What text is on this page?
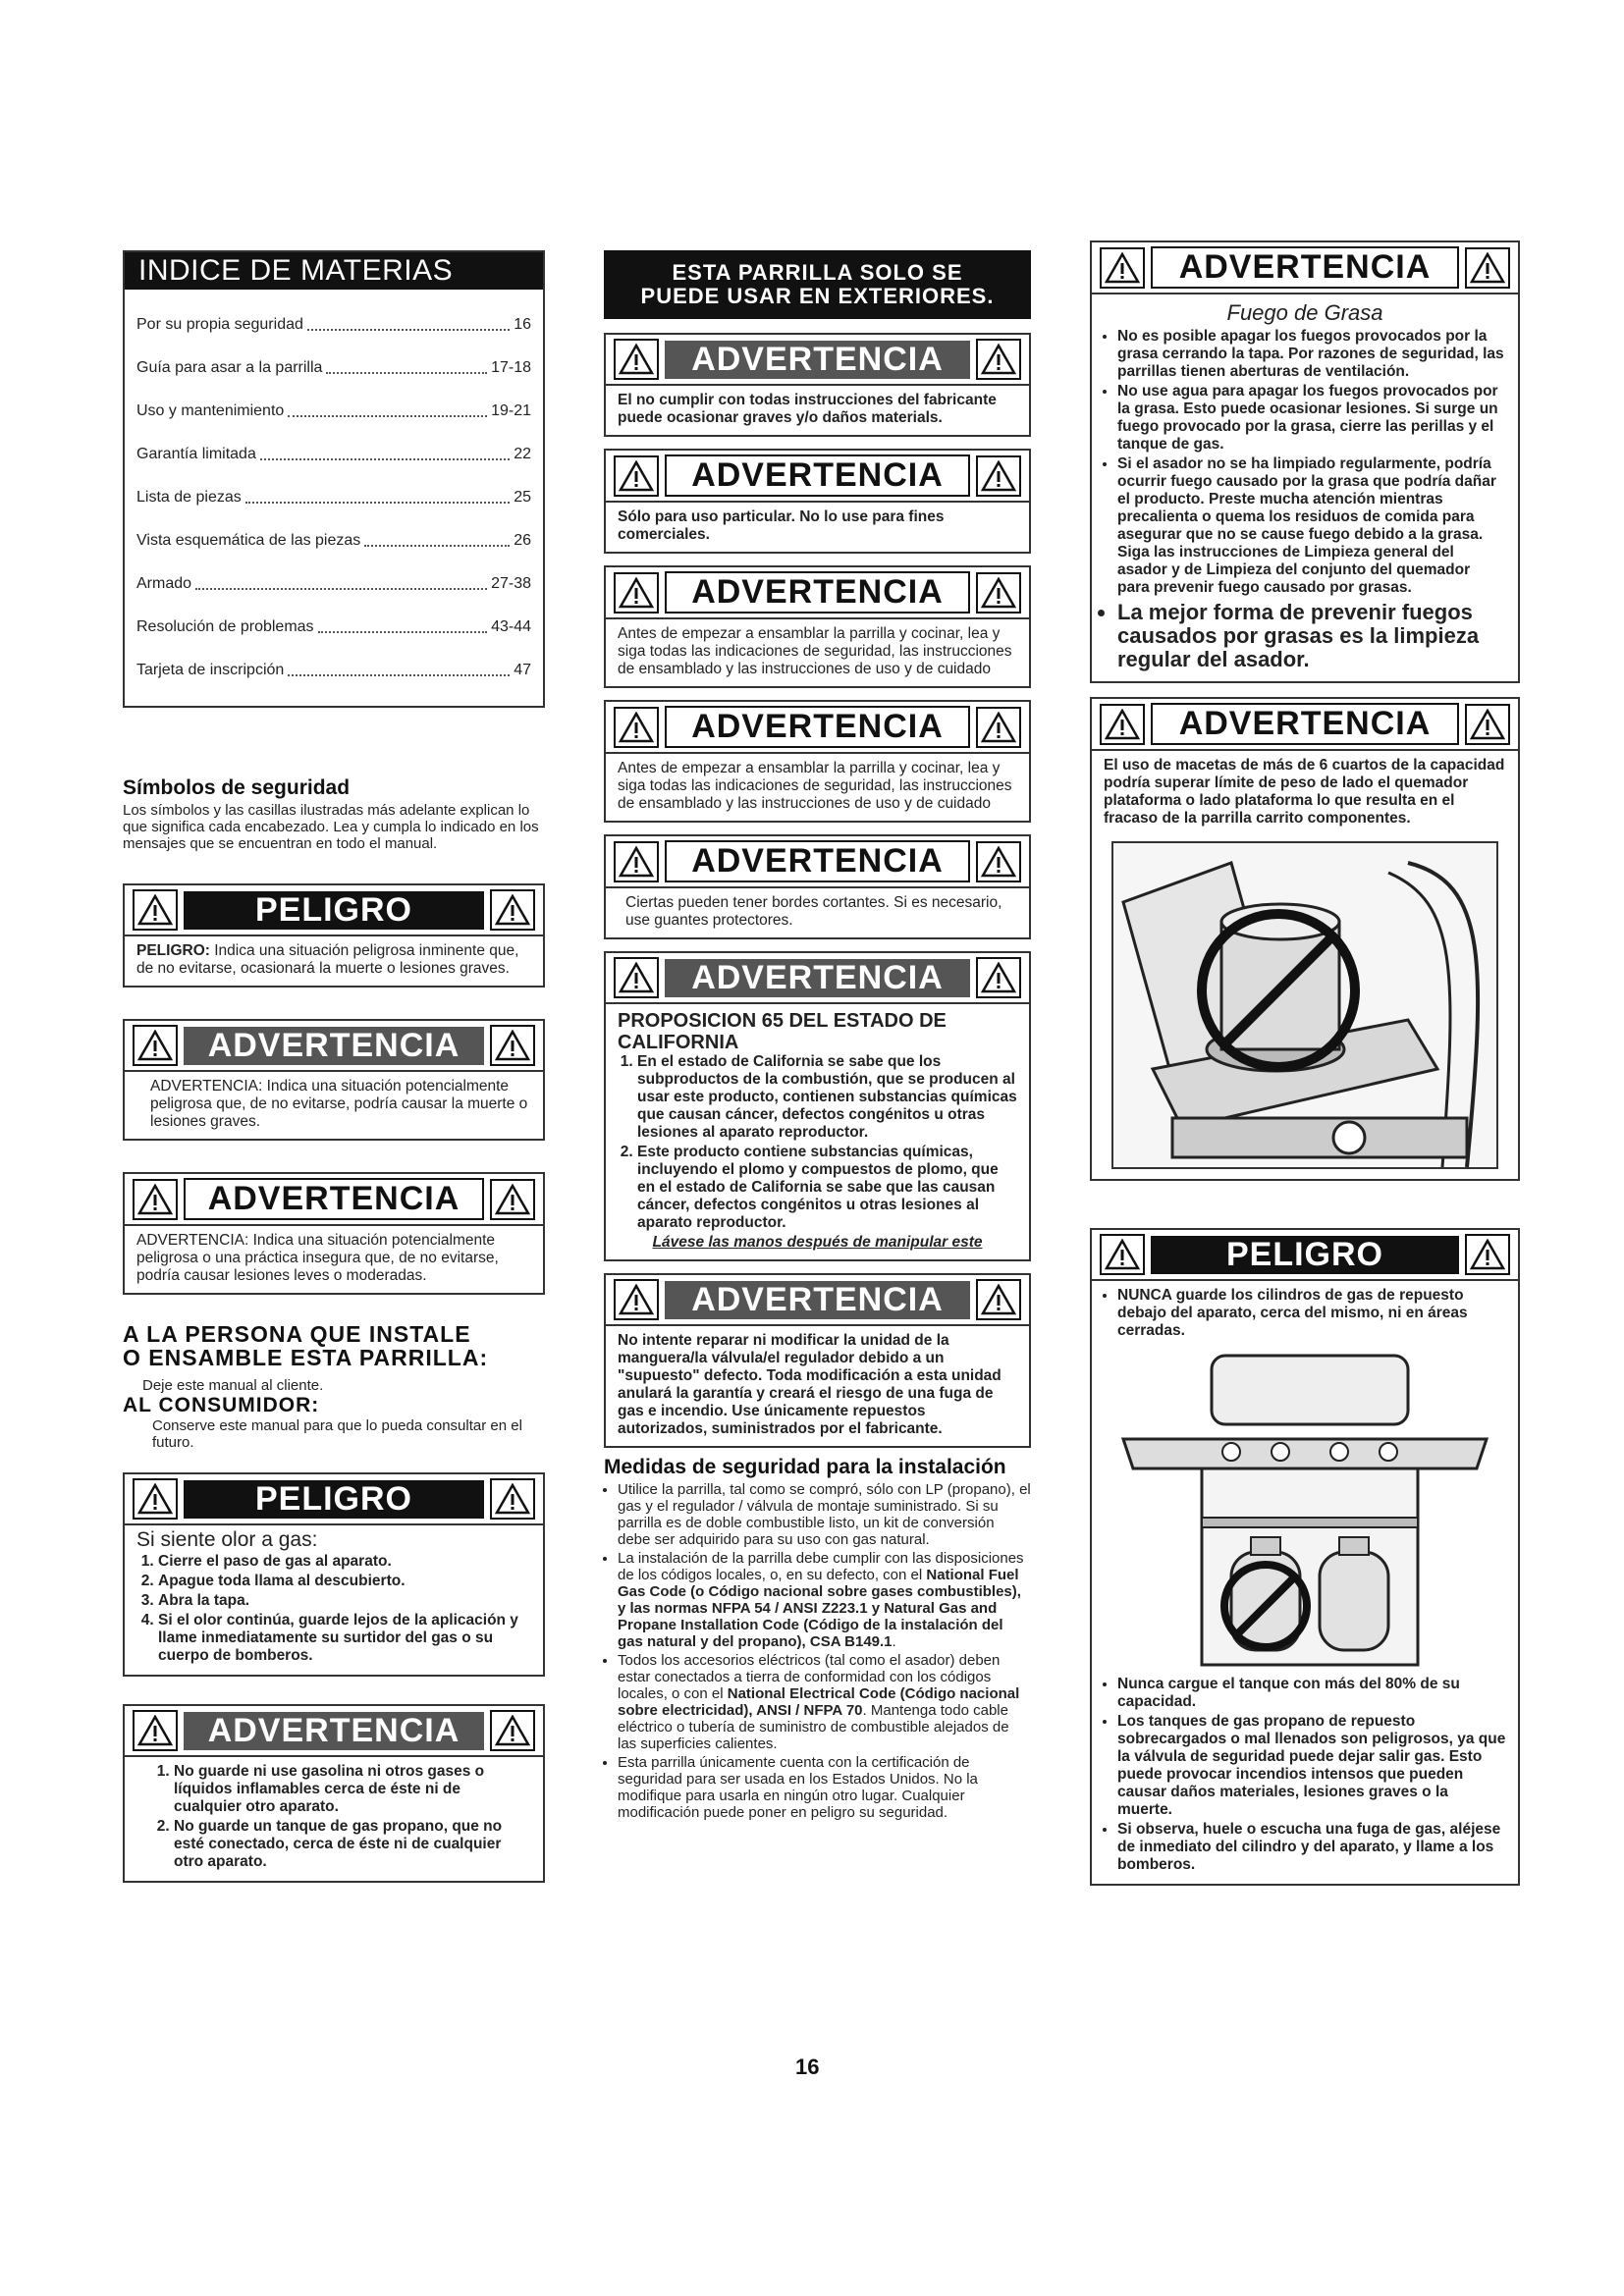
INDICE DE MATERIAS
Por su propia seguridad	16
Guía para asar a la parrilla	17-18
Uso y mantenimiento	19-21
Garantía limitada	22
Lista de piezas	25
Vista esquemática de las piezas	26
Armado	27-38
Resolución de problemas	43-44
Tarjeta de inscripción	47
Símbolos de seguridad
Los símbolos y las casillas ilustradas más adelante explican lo que significa cada encabezado. Lea y cumpla lo indicado en los mensajes que se encuentran en todo el manual.
PELIGRO
PELIGRO: Indica una situación peligrosa inminente que, de no evitarse, ocasionará la muerte o lesiones graves.
ADVERTENCIA
ADVERTENCIA: Indica una situación potencialmente peligrosa que, de no evitarse, podría causar la muerte o lesiones graves.
ADVERTENCIA
ADVERTENCIA: Indica una situación potencialmente peligrosa o una práctica insegura que, de no evitarse, podría causar lesiones leves o moderadas.
A LA PERSONA QUE INSTALE
O ENSAMBLE ESTA PARRILLA:
Deje este manual al cliente.
AL CONSUMIDOR:
Conserve este manual para que lo pueda consultar en el futuro.
PELIGRO
Si siente olor a gas:
1. Cierre el paso de gas al aparato.
2. Apague toda llama al descubierto.
3. Abra la tapa.
4. Si el olor continúa, guarde lejos de la aplicación y llame inmediatamente su surtidor del gas o su cuerpo de bomberos.
ADVERTENCIA
1. No guarde ni use gasolina ni otros gases o líquidos inflamables cerca de éste ni de cualquier otro aparato.
2. No guarde un tanque de gas propano, que no esté conectado, cerca de éste ni de cualquier otro aparato.
ESTA PARRILLA SOLO SE
PUEDE USAR EN EXTERIORES.
ADVERTENCIA
El no cumplir con todas instrucciones del fabricante puede ocasionar graves y/o daños materials.
ADVERTENCIA
Sólo para uso particular. No lo use para fines comerciales.
ADVERTENCIA
Antes de empezar a ensamblar la parrilla y cocinar, lea y siga todas las indicaciones de seguridad, las instrucciones de ensamblado y las instrucciones de uso y de cuidado
ADVERTENCIA
Antes de empezar a ensamblar la parrilla y cocinar, lea y siga todas las indicaciones de seguridad, las instrucciones de ensamblado y las instrucciones de uso y de cuidado
ADVERTENCIA
Ciertas pueden tener bordes cortantes. Si es necesario, use guantes protectores.
ADVERTENCIA
PROPOSICION 65 DEL ESTADO DE CALIFORNIA
1. En el estado de California se sabe que los subproductos de la combustión, que se producen al usar este producto, contienen substancias químicas que causan cáncer, defectos congénitos u otras lesiones al aparato reproductor.
2. Este producto contiene substancias químicas, incluyendo el plomo y compuestos de plomo, que en el estado de California se sabe que las causan cáncer, defectos congénitos u otras lesiones al aparato reproductor.
Lávese las manos después de manipular este
ADVERTENCIA
No intente reparar ni modificar la unidad de la manguera/la válvula/el regulador debido a un "supuesto" defecto. Toda modificación a esta unidad anulará la garantía y creará el riesgo de una fuga de gas e incendio. Use únicamente repuestos autorizados, suministrados por el fabricante.
Medidas de seguridad para la instalación
• Utilice la parrilla, tal como se compró, sólo con LP (propano), el gas y el regulador / válvula de montaje suministrado. Si su parrilla es de doble combustible listo, un kit de conversión debe ser adquirido para su uso con gas natural.
• La instalación de la parrilla debe cumplir con las disposiciones de los códigos locales, o, en su defecto, con el National Fuel Gas Code (o Código nacional sobre gases combustibles), y las normas NFPA 54 / ANSI Z223.1 y Natural Gas and Propane Installation Code (Código de la instalación del gas natural y del propano), CSA B149.1.
• Todos los accesorios eléctricos (tal como el asador) deben estar conectados a tierra de conformidad con los códigos locales, o con el National Electrical Code (Código nacional sobre electricidad), ANSI / NFPA 70. Mantenga todo cable eléctrico o tubería de suministro de combustible alejados de las superficies calientes.
• Esta parrilla únicamente cuenta con la certificación de seguridad para ser usada en los Estados Unidos. No la modifique para usarla en ningún otro lugar. Cualquier modificación puede poner en peligro su seguridad.
ADVERTENCIA
Fuego de Grasa
• No es posible apagar los fuegos provocados por la grasa cerrando la tapa. Por razones de seguridad, las parrillas tienen aberturas de ventilación.
• No use agua para apagar los fuegos provocados por la grasa. Esto puede ocasionar lesiones. Si surge un fuego provocado por la grasa, cierre las perillas y el tanque de gas.
• Si el asador no se ha limpiado regularmente, podría ocurrir fuego causado por la grasa que podría dañar el producto. Preste mucha atención mientras precalienta o quema los residuos de comida para asegurar que no se cause fuego debido a la grasa. Siga las instrucciones de Limpieza general del asador y de Limpieza del conjunto del quemador para prevenir fuego causado por grasas.
• La mejor forma de prevenir fuegos causados por grasas es la limpieza regular del asador.
ADVERTENCIA
El uso de macetas de más de 6 cuartos de la capacidad podría superar límite de peso de lado el quemador plataforma o lado plataforma lo que resulta en el fracaso de la parrilla carrito componentes.
PELIGRO
• NUNCA guarde los cilindros de gas de repuesto debajo del aparato, cerca del mismo, ni en áreas cerradas.
• Nunca cargue el tanque con más del 80% de su capacidad.
• Los tanques de gas propano de repuesto sobrecargados o mal llenados son peligrosos, ya que la válvula de seguridad puede dejar salir gas. Esto puede provocar incendios intensos que pueden causar daños materiales, lesiones graves o la muerte.
• Si observa, huele o escucha una fuga de gas, aléjese de inmediato del cilindro y del aparato, y llame a los bomberos.
16
